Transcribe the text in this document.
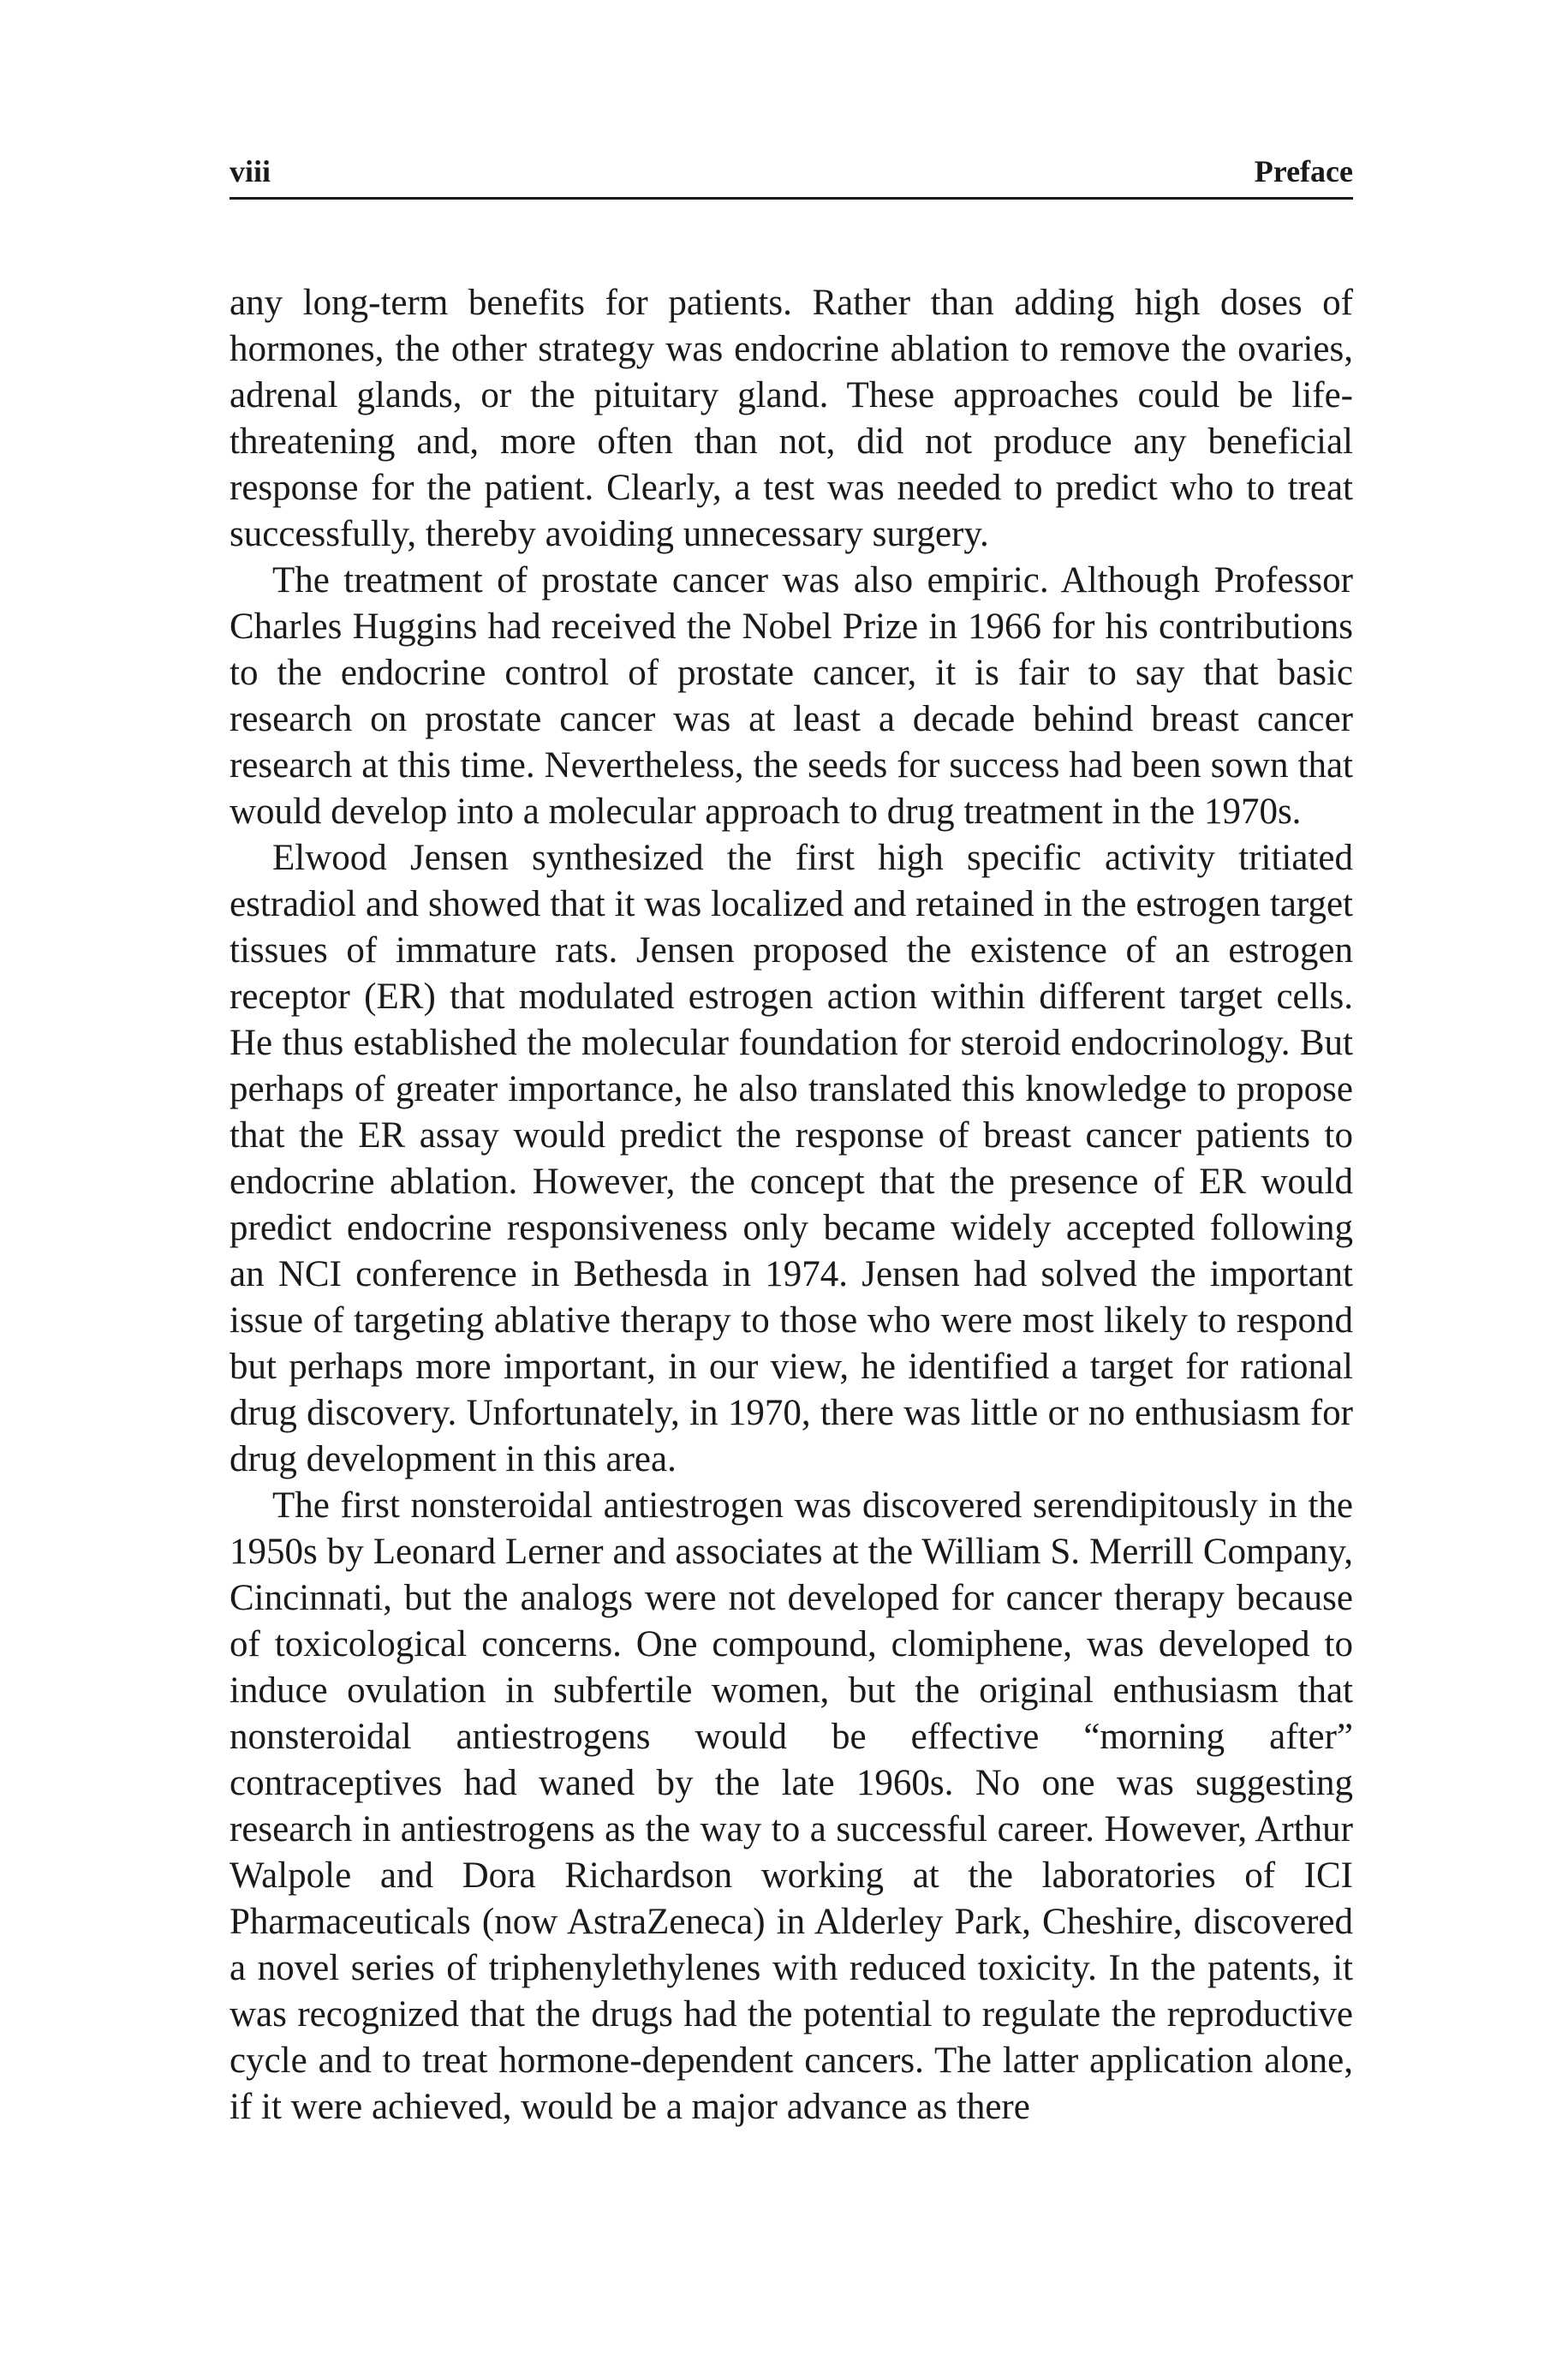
viii	Preface

any long-term benefits for patients. Rather than adding high doses of hormones, the other strategy was endocrine ablation to remove the ovaries, adrenal glands, or the pituitary gland. These approaches could be life-threatening and, more often than not, did not produce any beneficial response for the patient. Clearly, a test was needed to predict who to treat successfully, thereby avoiding unnecessary surgery.

The treatment of prostate cancer was also empiric. Although Professor Charles Huggins had received the Nobel Prize in 1966 for his contributions to the endocrine control of prostate cancer, it is fair to say that basic research on prostate cancer was at least a decade behind breast cancer research at this time. Nevertheless, the seeds for success had been sown that would develop into a molecular approach to drug treatment in the 1970s.

Elwood Jensen synthesized the first high specific activity tritiated estradiol and showed that it was localized and retained in the estrogen target tissues of immature rats. Jensen proposed the existence of an estrogen receptor (ER) that modulated estrogen action within different target cells. He thus established the molecular foundation for steroid endocrinology. But perhaps of greater importance, he also translated this knowledge to propose that the ER assay would predict the response of breast cancer patients to endocrine ablation. However, the concept that the presence of ER would predict endocrine responsiveness only became widely accepted following an NCI conference in Bethesda in 1974. Jensen had solved the important issue of targeting ablative therapy to those who were most likely to respond but perhaps more important, in our view, he identified a target for rational drug discovery. Unfortunately, in 1970, there was little or no enthusiasm for drug development in this area.

The first nonsteroidal antiestrogen was discovered serendipitously in the 1950s by Leonard Lerner and associates at the William S. Merrill Company, Cincinnati, but the analogs were not developed for cancer therapy because of toxicological concerns. One compound, clomiphene, was developed to induce ovulation in subfertile women, but the original enthusiasm that nonsteroidal antiestrogens would be effective “morning after” contraceptives had waned by the late 1960s. No one was suggesting research in antiestrogens as the way to a successful career. However, Arthur Walpole and Dora Richardson working at the laboratories of ICI Pharmaceuticals (now AstraZeneca) in Alderley Park, Cheshire, discovered a novel series of triphenylethylenes with reduced toxicity. In the patents, it was recognized that the drugs had the potential to regulate the reproductive cycle and to treat hormone-dependent cancers. The latter application alone, if it were achieved, would be a major advance as there
